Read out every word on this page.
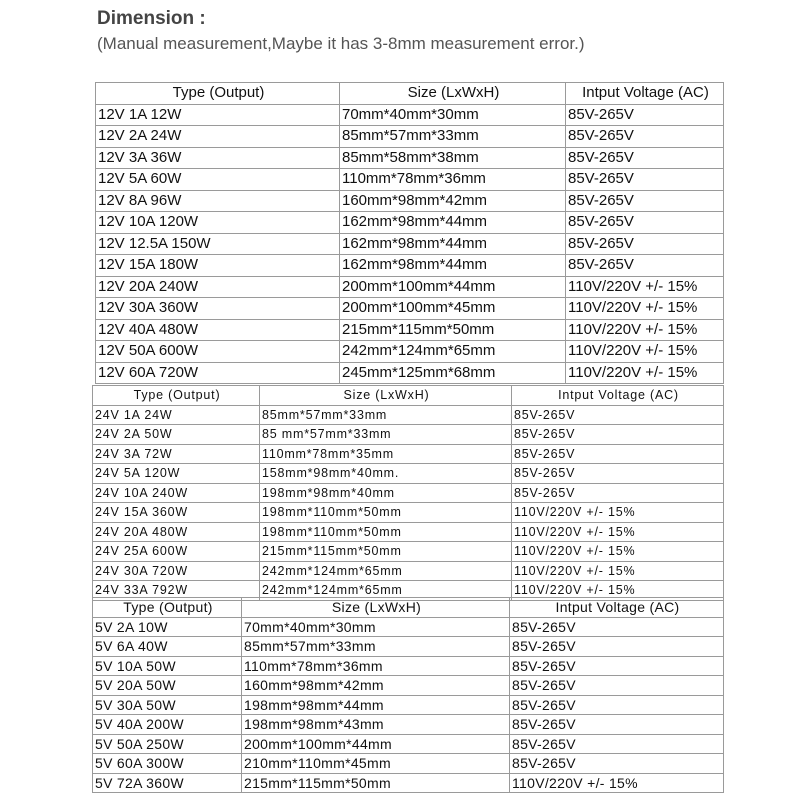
Dimension :
(Manual measurement,Maybe it has 3-8mm measurement error.)
Type (Output)	Size (LxWxH)	Intput Voltage (AC)
12V 1A 12W	70mm*40mm*30mm	85V-265V
12V 2A 24W	85mm*57mm*33mm	85V-265V
12V 3A 36W	85mm*58mm*38mm	85V-265V
12V 5A 60W	110mm*78mm*36mm	85V-265V
12V 8A 96W	160mm*98mm*42mm	85V-265V
12V 10A 120W	162mm*98mm*44mm	85V-265V
12V 12.5A 150W	162mm*98mm*44mm	85V-265V
12V 15A 180W	162mm*98mm*44mm	85V-265V
12V 20A 240W	200mm*100mm*44mm	110V/220V +/- 15%
12V 30A 360W	200mm*100mm*45mm	110V/220V +/- 15%
12V 40A 480W	215mm*115mm*50mm	110V/220V +/- 15%
12V 50A 600W	242mm*124mm*65mm	110V/220V +/- 15%
12V 60A 720W	245mm*125mm*68mm	110V/220V +/- 15%
Type (Output)	Size (LxWxH)	Intput Voltage (AC)
24V 1A 24W	85mm*57mm*33mm	85V-265V
24V 2A 50W	85 mm*57mm*33mm	85V-265V
24V 3A 72W	110mm*78mm*35mm	85V-265V
24V 5A 120W	158mm*98mm*40mm.	85V-265V
24V 10A 240W	198mm*98mm*40mm	85V-265V
24V 15A 360W	198mm*110mm*50mm	110V/220V +/- 15%
24V 20A 480W	198mm*110mm*50mm	110V/220V +/- 15%
24V 25A 600W	215mm*115mm*50mm	110V/220V +/- 15%
24V 30A 720W	242mm*124mm*65mm	110V/220V +/- 15%
24V 33A 792W	242mm*124mm*65mm	110V/220V +/- 15%
Type (Output)	Size (LxWxH)	Intput Voltage (AC)
5V 2A 10W	70mm*40mm*30mm	85V-265V
5V 6A 40W	85mm*57mm*33mm	85V-265V
5V 10A 50W	110mm*78mm*36mm	85V-265V
5V 20A 50W	160mm*98mm*42mm	85V-265V
5V 30A 50W	198mm*98mm*44mm	85V-265V
5V 40A 200W	198mm*98mm*43mm	85V-265V
5V 50A 250W	200mm*100mm*44mm	85V-265V
5V 60A 300W	210mm*110mm*45mm	85V-265V
5V 72A 360W	215mm*115mm*50mm	110V/220V +/- 15%
